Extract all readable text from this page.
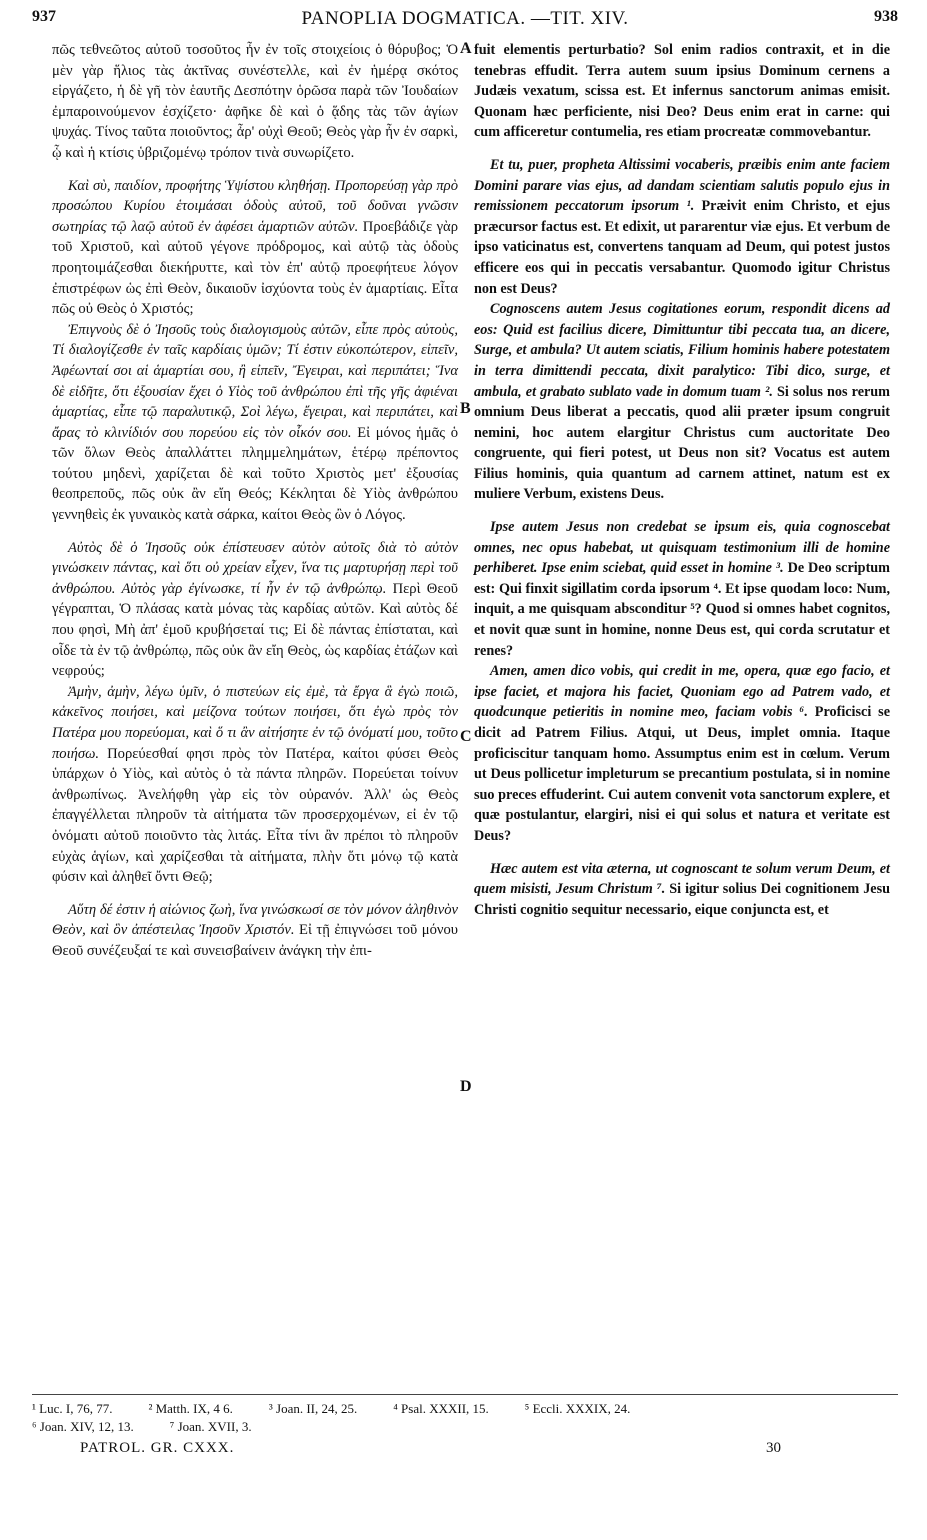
937	PANOPLIA DOGMATICA. —TIT. XIV.	938

πῶς τεθνεῶτος αὐτοῦ τοσοῦτος ἦν ἐν τοῖς στοιχείοις ὁ θόρυβος; Ὁ μὲν γὰρ ἥλιος τὰς ἀκτῖνας συνέστελλε, καὶ ἐν ἡμέρᾳ σκότος εἰργάζετο, ἡ δὲ γῆ τὸν ἑαυτῆς Δεσπότην ὁρῶσα παρὰ τῶν Ἰουδαίων ἐμπαροινούμενον ἐσχίζετο· ἀφῆκε δὲ καὶ ὁ ᾅδης τὰς τῶν ἁγίων ψυχάς. Τίνος ταῦτα ποιοῦντος; ἆρ' οὐχὶ Θεοῦ; Θεὸς γὰρ ἦν ἐν σαρκὶ, ᾧ καὶ ἡ κτίσις ὑβριζομένῳ τρόπον τινὰ συνωρίζετο.

Καὶ σὺ, παιδίον, προφήτης Ὑψίστου κληθήσῃ. Προπορεύσῃ γὰρ πρὸ προσώπου Κυρίου ἑτοιμάσαι ὁδοὺς αὐτοῦ, τοῦ δοῦναι γνῶσιν σωτηρίας τῷ λαῷ αὐτοῦ ἐν ἀφέσει ἁμαρτιῶν αὐτῶν. Προεβάδιζε γὰρ τοῦ Χριστοῦ, καὶ αὐτοῦ γέγονε πρόδρομος, καὶ αὐτῷ τὰς ὁδοὺς προητοιμάζεσθαι διεκήρυττε, καὶ τὸν ἐπ' αὐτῷ προεφήτευε λόγον ἐπιστρέφων ὡς ἐπὶ Θεὸν, δικαιοῦν ἰσχύοντα τοὺς ἐν ἁμαρτίαις. Εἶτα πῶς οὐ Θεὸς ὁ Χριστός;

Ἐπιγνοὺς δὲ ὁ Ἰησοῦς τοὺς διαλογισμοὺς αὐτῶν, εἶπε πρὸς αὐτοὺς, Τί διαλογίζεσθε ἐν ταῖς καρδίαις ὑμῶν; Τί ἐστιν εὐκοπώτερον, εἰπεῖν, Ἀφέωνταί σοι αἱ ἁμαρτίαι σου, ἢ εἰπεῖν, Ἔγειραι, καὶ περιπάτει; Ἵνα δὲ εἰδῆτε, ὅτι ἐξουσίαν ἔχει ὁ Υἱὸς τοῦ ἀνθρώπου ἐπὶ τῆς γῆς ἀφιέναι ἁμαρτίας, εἶπε τῷ παραλυτικῷ, Σοὶ λέγω, ἔγειραι, καὶ περιπάτει, καὶ ἄρας τὸ κλινίδιόν σου πορεύου εἰς τὸν οἶκόν σου. Εἰ μόνος ἡμᾶς ὁ τῶν ὅλων Θεὸς ἀπαλλάττει πλημμελημάτων, ἑτέρῳ πρέποντος τούτου μηδενὶ, χαρίζεται δὲ καὶ τοῦτο Χριστὸς μετ' ἐξουσίας θεοπρεποῦς, πῶς οὐκ ἂν εἴη Θεός; Κέκληται δὲ Υἱὸς ἀνθρώπου γεννηθεὶς ἐκ γυναικὸς κατὰ σάρκα, καίτοι Θεὸς ὢν ὁ Λόγος.

Αὐτὸς δὲ ὁ Ἰησοῦς οὐκ ἐπίστευσεν αὑτὸν αὐτοῖς διὰ τὸ αὐτὸν γινώσκειν πάντας, καὶ ὅτι οὐ χρείαν εἶχεν, ἵνα τις μαρτυρήσῃ περὶ τοῦ ἀνθρώπου. Αὐτὸς γὰρ ἐγίνωσκε, τί ἦν ἐν τῷ ἀνθρώπῳ. Περὶ Θεοῦ γέγραπται, Ὁ πλάσας κατὰ μόνας τὰς καρδίας αὐτῶν. Καὶ αὐτὸς δέ που φησὶ, Μὴ ἀπ' ἐμοῦ κρυβήσεταί τις; Εἰ δὲ πάντας ἐπίσταται, καὶ οἶδε τὰ ἐν τῷ ἀνθρώπῳ, πῶς οὐκ ἂν εἴη Θεὸς, ὡς καρδίας ἐτάζων καὶ νεφρούς;

Ἀμὴν, ἀμὴν, λέγω ὑμῖν, ὁ πιστεύων εἰς ἐμὲ, τὰ ἔργα ἃ ἐγὼ ποιῶ, κἀκεῖνος ποιήσει, καὶ μείζονα τούτων ποιήσει, ὅτι ἐγὼ πρὸς τὸν Πατέρα μου πορεύομαι, καὶ ὅ τι ἂν αἰτήσητε ἐν τῷ ὀνόματί μου, τοῦτο ποιήσω. Πορεύεσθαί φησι πρὸς τὸν Πατέρα, καίτοι φύσει Θεὸς ὑπάρχων ὁ Υἱὸς, καὶ αὐτὸς ὁ τὰ πάντα πληρῶν. Πορεύεται τοίνυν ἀνθρωπίνως. Ἀνελήφθη γὰρ εἰς τὸν οὐρανόν. Ἀλλ' ὡς Θεὸς ἐπαγγέλλεται πληροῦν τὰ αἰτήματα τῶν προσερχομένων, εἰ ἐν τῷ ὀνόματι αὐτοῦ ποιοῦντο τὰς λιτάς. Εἶτα τίνι ἂν πρέποι τὸ πληροῦν εὐχὰς ἁγίων, καὶ χαρίζεσθαι τὰ αἰτήματα, πλὴν ὅτι μόνῳ τῷ κατὰ φύσιν καὶ ἀληθεῖ ὄντι Θεῷ;

Αὕτη δέ ἐστιν ἡ αἰώνιος ζωὴ, ἵνα γινώσκωσί σε τὸν μόνον ἀληθινὸν Θεὸν, καὶ ὃν ἀπέστειλας Ἰησοῦν Χριστόν. Εἰ τῇ ἐπιγνώσει τοῦ μόνου Θεοῦ συνέζευξαί τε καὶ συνεισβαίνειν ἀνάγκη τὴν ἐπι-

fuit elementis perturbatio? Sol enim radios contraxit, et in die tenebras effudit. Terra autem suum ipsius Dominum cernens a Judæis vexatum, scissa est. Et infernus sanctorum animas emisit. Quonam hæc perficiente, nisi Deo? Deus enim erat in carne: qui cum afficeretur contumelia, res etiam procreatæ commovebantur.

Et tu, puer, propheta Altissimi vocaberis, præibis enim ante faciem Domini parare vias ejus, ad dandam scientiam salutis populo ejus in remissionem peccatorum ipsorum ¹. Præivit enim Christo, et ejus præcursor factus est. Et edixit, ut pararentur viæ ejus. Et verbum de ipso vaticinatus est, convertens tanquam ad Deum, qui potest justos efficere eos qui in peccatis versabantur. Quomodo igitur Christus non est Deus?

Cognoscens autem Jesus cogitationes eorum, respondit dicens ad eos: Quid est facilius dicere, Dimittuntur tibi peccata tua, an dicere, Surge, et ambula? Ut autem sciatis, Filium hominis habere potestatem in terra dimittendi peccata, dixit paralytico: Tibi dico, surge, et ambula, et grabato sublato vade in domum tuam ². Si solus nos rerum omnium Deus liberat a peccatis, quod alii præter ipsum congruit nemini, hoc autem elargitur Christus cum auctoritate Deo congruente, qui fieri potest, ut Deus non sit? Vocatus est autem Filius hominis, quia quantum ad carnem attinet, natum est ex muliere Verbum, existens Deus.

Ipse autem Jesus non credebat se ipsum eis, quia cognoscebat omnes, nec opus habebat, ut quisquam testimonium illi de homine perhiberet. Ipse enim sciebat, quid esset in homine ³. De Deo scriptum est: Qui finxit sigillatim corda ipsorum ⁴. Et ipse quodam loco: Num, inquit, a me quisquam absconditur ⁵? Quod si omnes habet cognitos, et novit quæ sunt in homine, nonne Deus est, qui corda scrutatur et renes?

Amen, amen dico vobis, qui credit in me, opera, quæ ego facio, et ipse faciet, et majora his faciet, Quoniam ego ad Patrem vado, et quodcunque petieritis in nomine meo, faciam vobis ⁶. Proficisci se dicit ad Patrem Filius. Atqui, ut Deus, implet omnia. Itaque proficiscitur tanquam homo. Assumptus enim est in cœlum. Verum ut Deus pollicetur impleturum se precantium postulata, si in nomine suo preces effuderint. Cui autem convenit vota sanctorum explere, et quæ postulantur, elargiri, nisi ei qui solus et natura et veritate est Deus?

Hæc autem est vita æterna, ut cognoscant te solum verum Deum, et quem misisti, Jesum Christum ⁷. Si igitur solius Dei cognitionem Jesu Christi cognitio sequitur necessario, eique conjuncta est, et

A
B
C
D
¹ Luc. I, 76, 77.	² Matth. IX, 4 6.	³ Joan. II, 24, 25.	⁴ Psal. XXXII, 15.	⁵ Eccli. XXXIX, 24.
⁶ Joan. XIV, 12, 13.	⁷ Joan. XVII, 3.
PATROL. GR. CXXX.	30
